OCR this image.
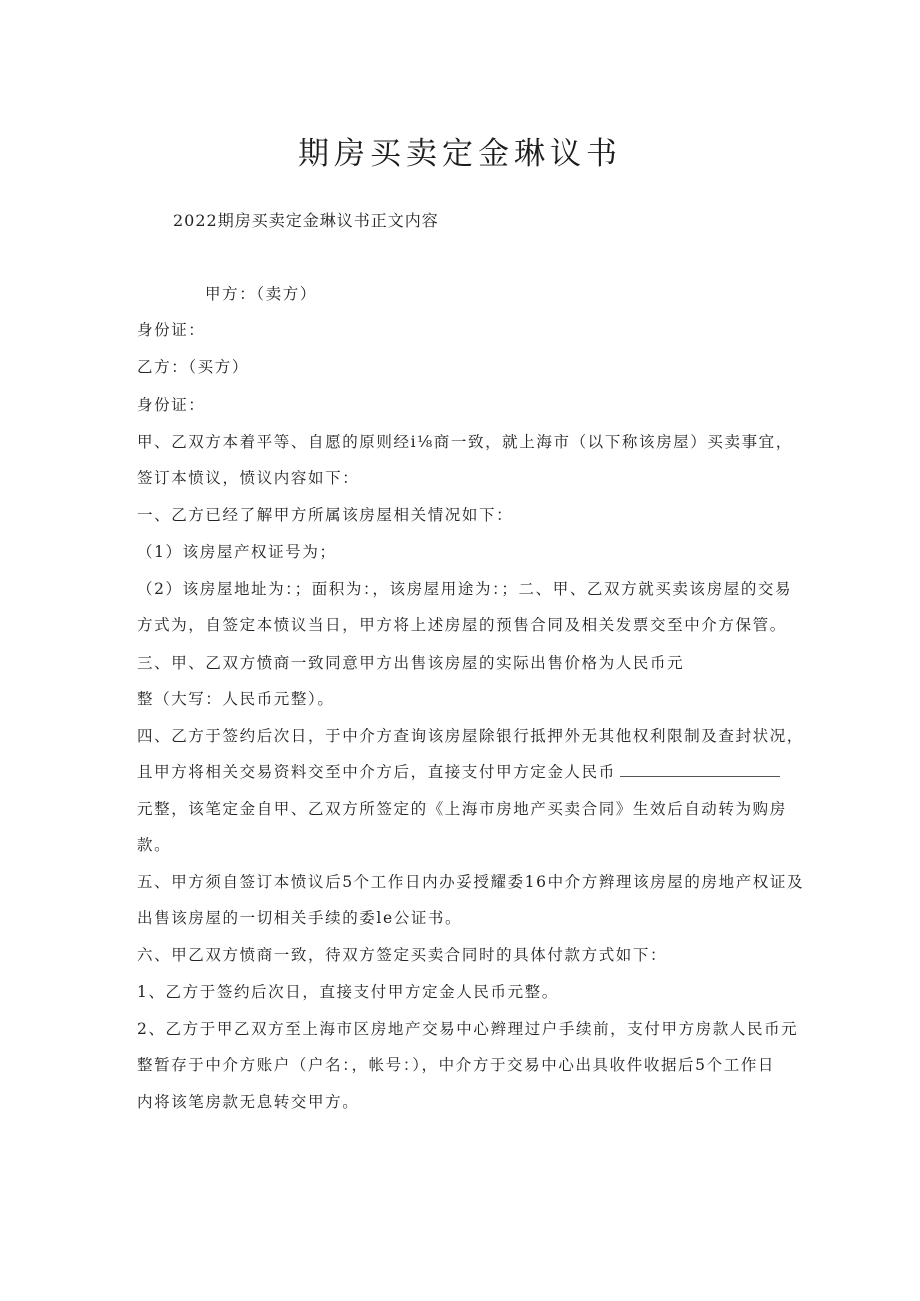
期房买卖定金琳议书
2022期房买卖定金琳议书正文内容
甲方：（卖方）
身份证：
乙方：（买方）
身份证：
甲、乙双方本着平等、自愿的原则经i⅛商一致，就上海市（以下称该房屋）买卖事宜，
签订本愤议，愤议内容如下：
一、乙方已经了解甲方所属该房屋相关情况如下：
（1）该房屋产权证号为；
（2）该房屋地址为：；面积为：，该房屋用途为：；二、甲、乙双方就买卖该房屋的交易
方式为，自签定本愤议当日，甲方将上述房屋的预售合同及相关发票交至中介方保管。
三、甲、乙双方愤商一致同意甲方出售该房屋的实际出售价格为人民币元
整（大写：人民币元整）。
四、乙方于签约后次日，于中介方查询该房屋除银行抵押外无其他权利限制及查封状况，
且甲方将相关交易资料交至中介方后，直接支付甲方定金人民币
元整，该笔定金自甲、乙双方所签定的《上海市房地产买卖合同》生效后自动转为购房
款。
五、甲方须自签订本愤议后5个工作日内办妥授耀委16中介方辫理该房屋的房地产权证及
出售该房屋的一切相关手续的委le公证书。
六、甲乙双方愤商一致，待双方签定买卖合同时的具体付款方式如下：
1、乙方于签约后次日，直接支付甲方定金人民币元整。
2、乙方于甲乙双方至上海市区房地产交易中心辫理过户手续前，支付甲方房款人民币元
整暂存于中介方账户（户名：，帐号：），中介方于交易中心出具收件收据后5个工作日
内将该笔房款无息转交甲方。
